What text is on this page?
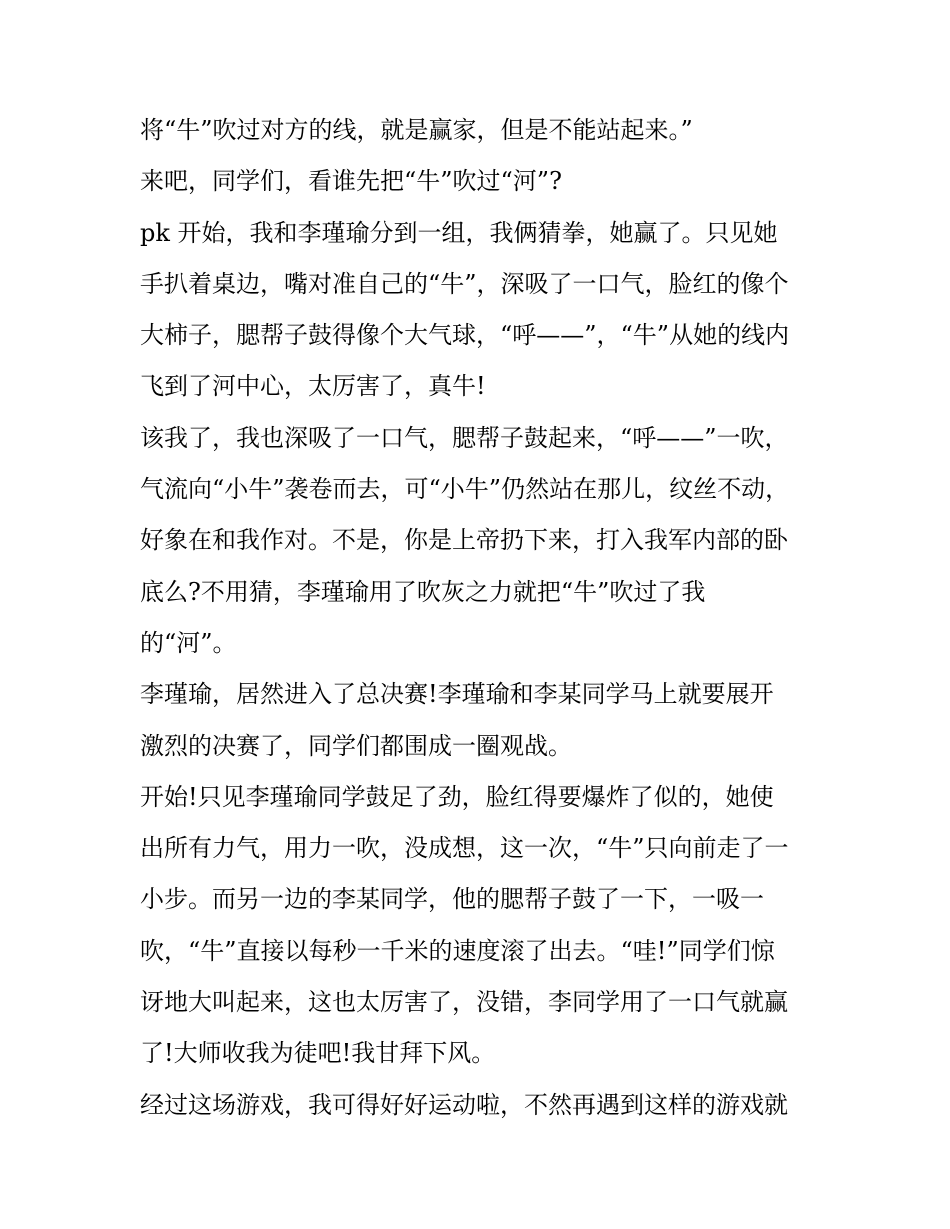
将“牛”吹过对方的线，就是赢家，但是不能站起来。”
来吧，同学们，看谁先把“牛”吹过“河”?
pk 开始，我和李瑾瑜分到一组，我俩猜拳，她赢了。只见她
手扒着桌边，嘴对准自己的“牛”，深吸了一口气，脸红的像个
大柿子，腮帮子鼓得像个大气球，“呼——”，“牛”从她的线内
飞到了河中心，太厉害了，真牛!
该我了，我也深吸了一口气，腮帮子鼓起来，“呼——”一吹，
气流向“小牛”袭卷而去，可“小牛”仍然站在那儿，纹丝不动，
好象在和我作对。不是，你是上帝扔下来，打入我军内部的卧
底么?不用猜，李瑾瑜用了吹灰之力就把“牛”吹过了我
的“河”。
李瑾瑜，居然进入了总决赛!李瑾瑜和李某同学马上就要展开
激烈的决赛了，同学们都围成一圈观战。
开始!只见李瑾瑜同学鼓足了劲，脸红得要爆炸了似的，她使
出所有力气，用力一吹，没成想，这一次，“牛”只向前走了一
小步。而另一边的李某同学，他的腮帮子鼓了一下，一吸一
吹，“牛”直接以每秒一千米的速度滚了出去。“哇!”同学们惊
讶地大叫起来，这也太厉害了，没错，李同学用了一口气就赢
了!大师收我为徒吧!我甘拜下风。
经过这场游戏，我可得好好运动啦，不然再遇到这样的游戏就
